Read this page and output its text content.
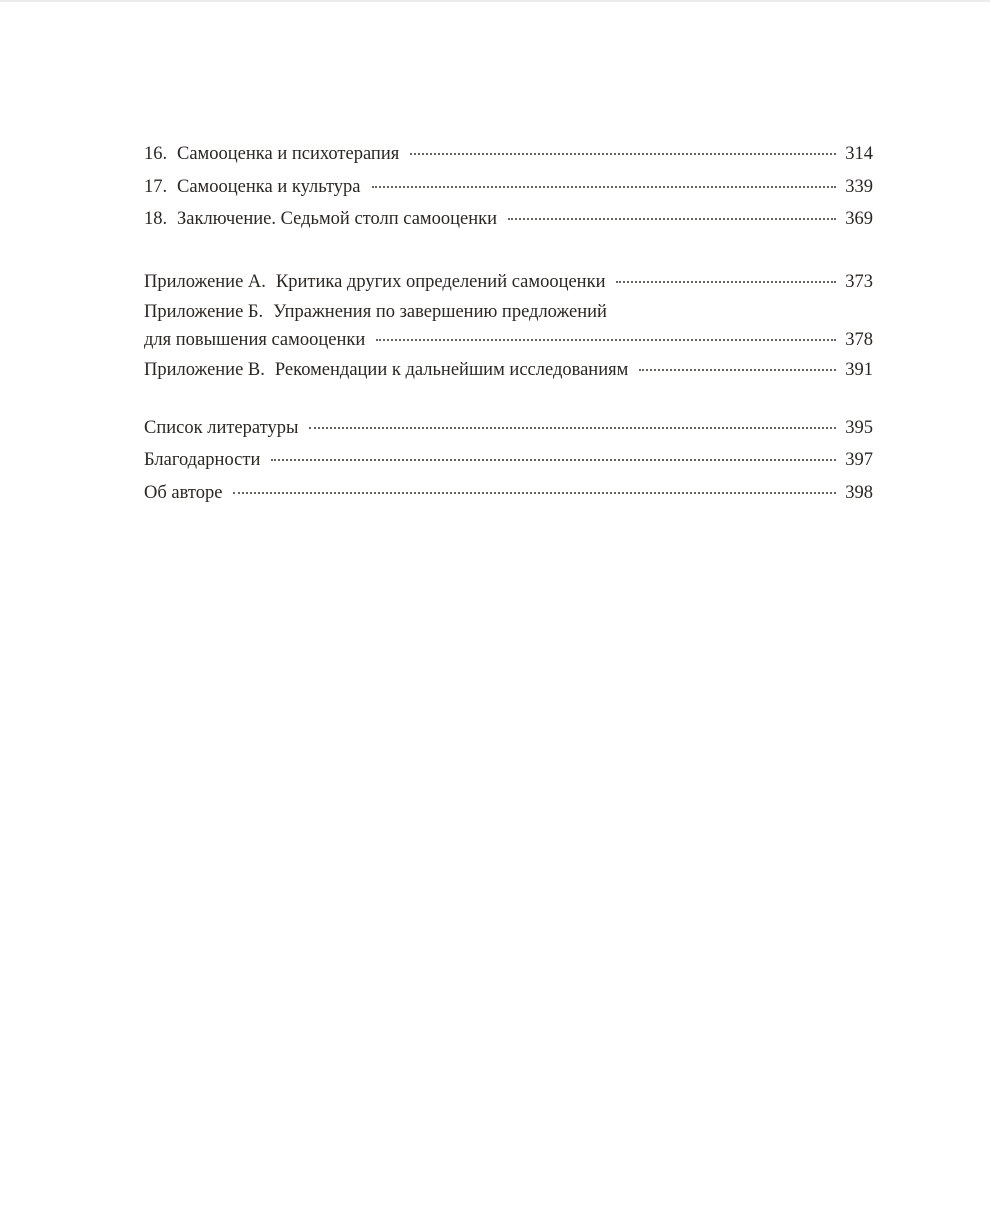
16. Самооценка и психотерапия	314
17. Самооценка и культура	339
18. Заключение. Седьмой столп самооценки	369
Приложение А. Критика других определений самооценки	373
Приложение Б. Упражнения по завершению предложений
для повышения самооценки	378
Приложение В. Рекомендации к дальнейшим исследованиям	391
Список литературы	395
Благодарности	397
Об авторе	398
